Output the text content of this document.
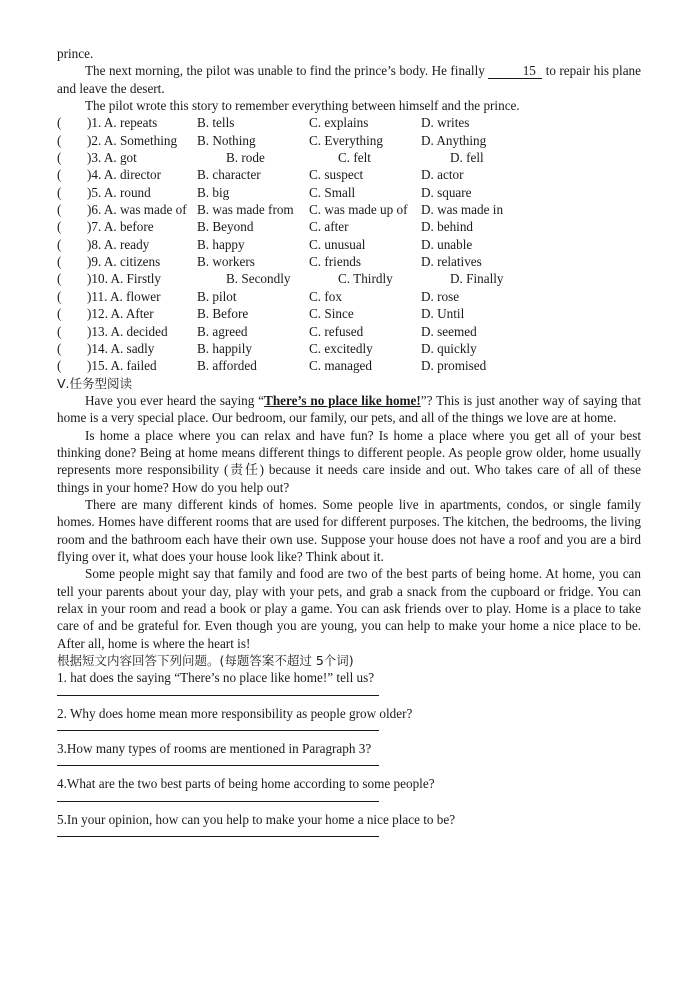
prince.

The next morning, the pilot was unable to find the prince’s body. He finally	15 to repair his plane and leave the desert.

The pilot wrote this story to remember everything between himself and the prince.

(	)1. A. repeats	B. tells	C. explains	D. writes
(	)2. A. Something	B. Nothing	C. Everything	D. Anything
(	)3. A. got	B. rode	C. felt	D. fell
(	)4. A. director	B. character	C. suspect	D. actor
(	)5. A. round	B. big	C. Small	D. square
(	)6. A. was made of B. was made from	C. was made up of	D. was made in
(	)7. A. before	B. Beyond	C. after	D. behind
(	)8. A. ready	B. happy	C. unusual	D. unable
(	)9. A. citizens	B. workers	C. friends	D. relatives
(	)10. A. Firstly	B. Secondly	C. Thirdly	D. Finally
(	)11. A. flower	B. pilot	C. fox	D. rose
(	)12. A. After	B. Before	C. Since	D. Until
(	)13. A. decided	B. agreed	C. refused	D. seemed
(	)14. A. sadly	B. happily	C. excitedly	D. quickly
(	)15. A. failed	B. afforded	C. managed	D. promised

Ⅴ.任务型阅读

Have you ever heard the saying “There’s no place like home!”? This is just another way of saying that home is a very special place. Our bedroom, our family, our pets, and all of the things we love are at home.

Is home a place where you can relax and have fun? Is home a place where you get all of your best thinking done? Being at home means different things to different people. As people grow older, home usually represents more responsibility (责任) because it needs care inside and out. Who takes care of all of these things in your home? How do you help out?

There are many different kinds of homes. Some people live in apartments, condos, or single family homes. Homes have different rooms that are used for different purposes. The kitchen, the bedrooms, the living room and the bathroom each have their own use. Suppose your house does not have a roof and you are a bird flying over it, what does your house look like? Think about it.

Some people might say that family and food are two of the best parts of being home. At home, you can tell your parents about your day, play with your pets, and grab a snack from the cupboard or fridge. You can relax in your room and read a book or play a game. You can ask friends over to play. Home is a place to take care of and be grateful for. Even though you are young, you can help to make your home a nice place to be. After all, home is where the heart is!

根据短文内容回答下列问题。(每题答案不超过 5个词)

1. hat does the saying “There’s no place like home!” tell us?

2. Why does home mean more responsibility as people grow older?

3.How many types of rooms are mentioned in Paragraph 3?

4.What are the two best parts of being home according to some people?

5.In your opinion, how can you help to make your home a nice place to be?
